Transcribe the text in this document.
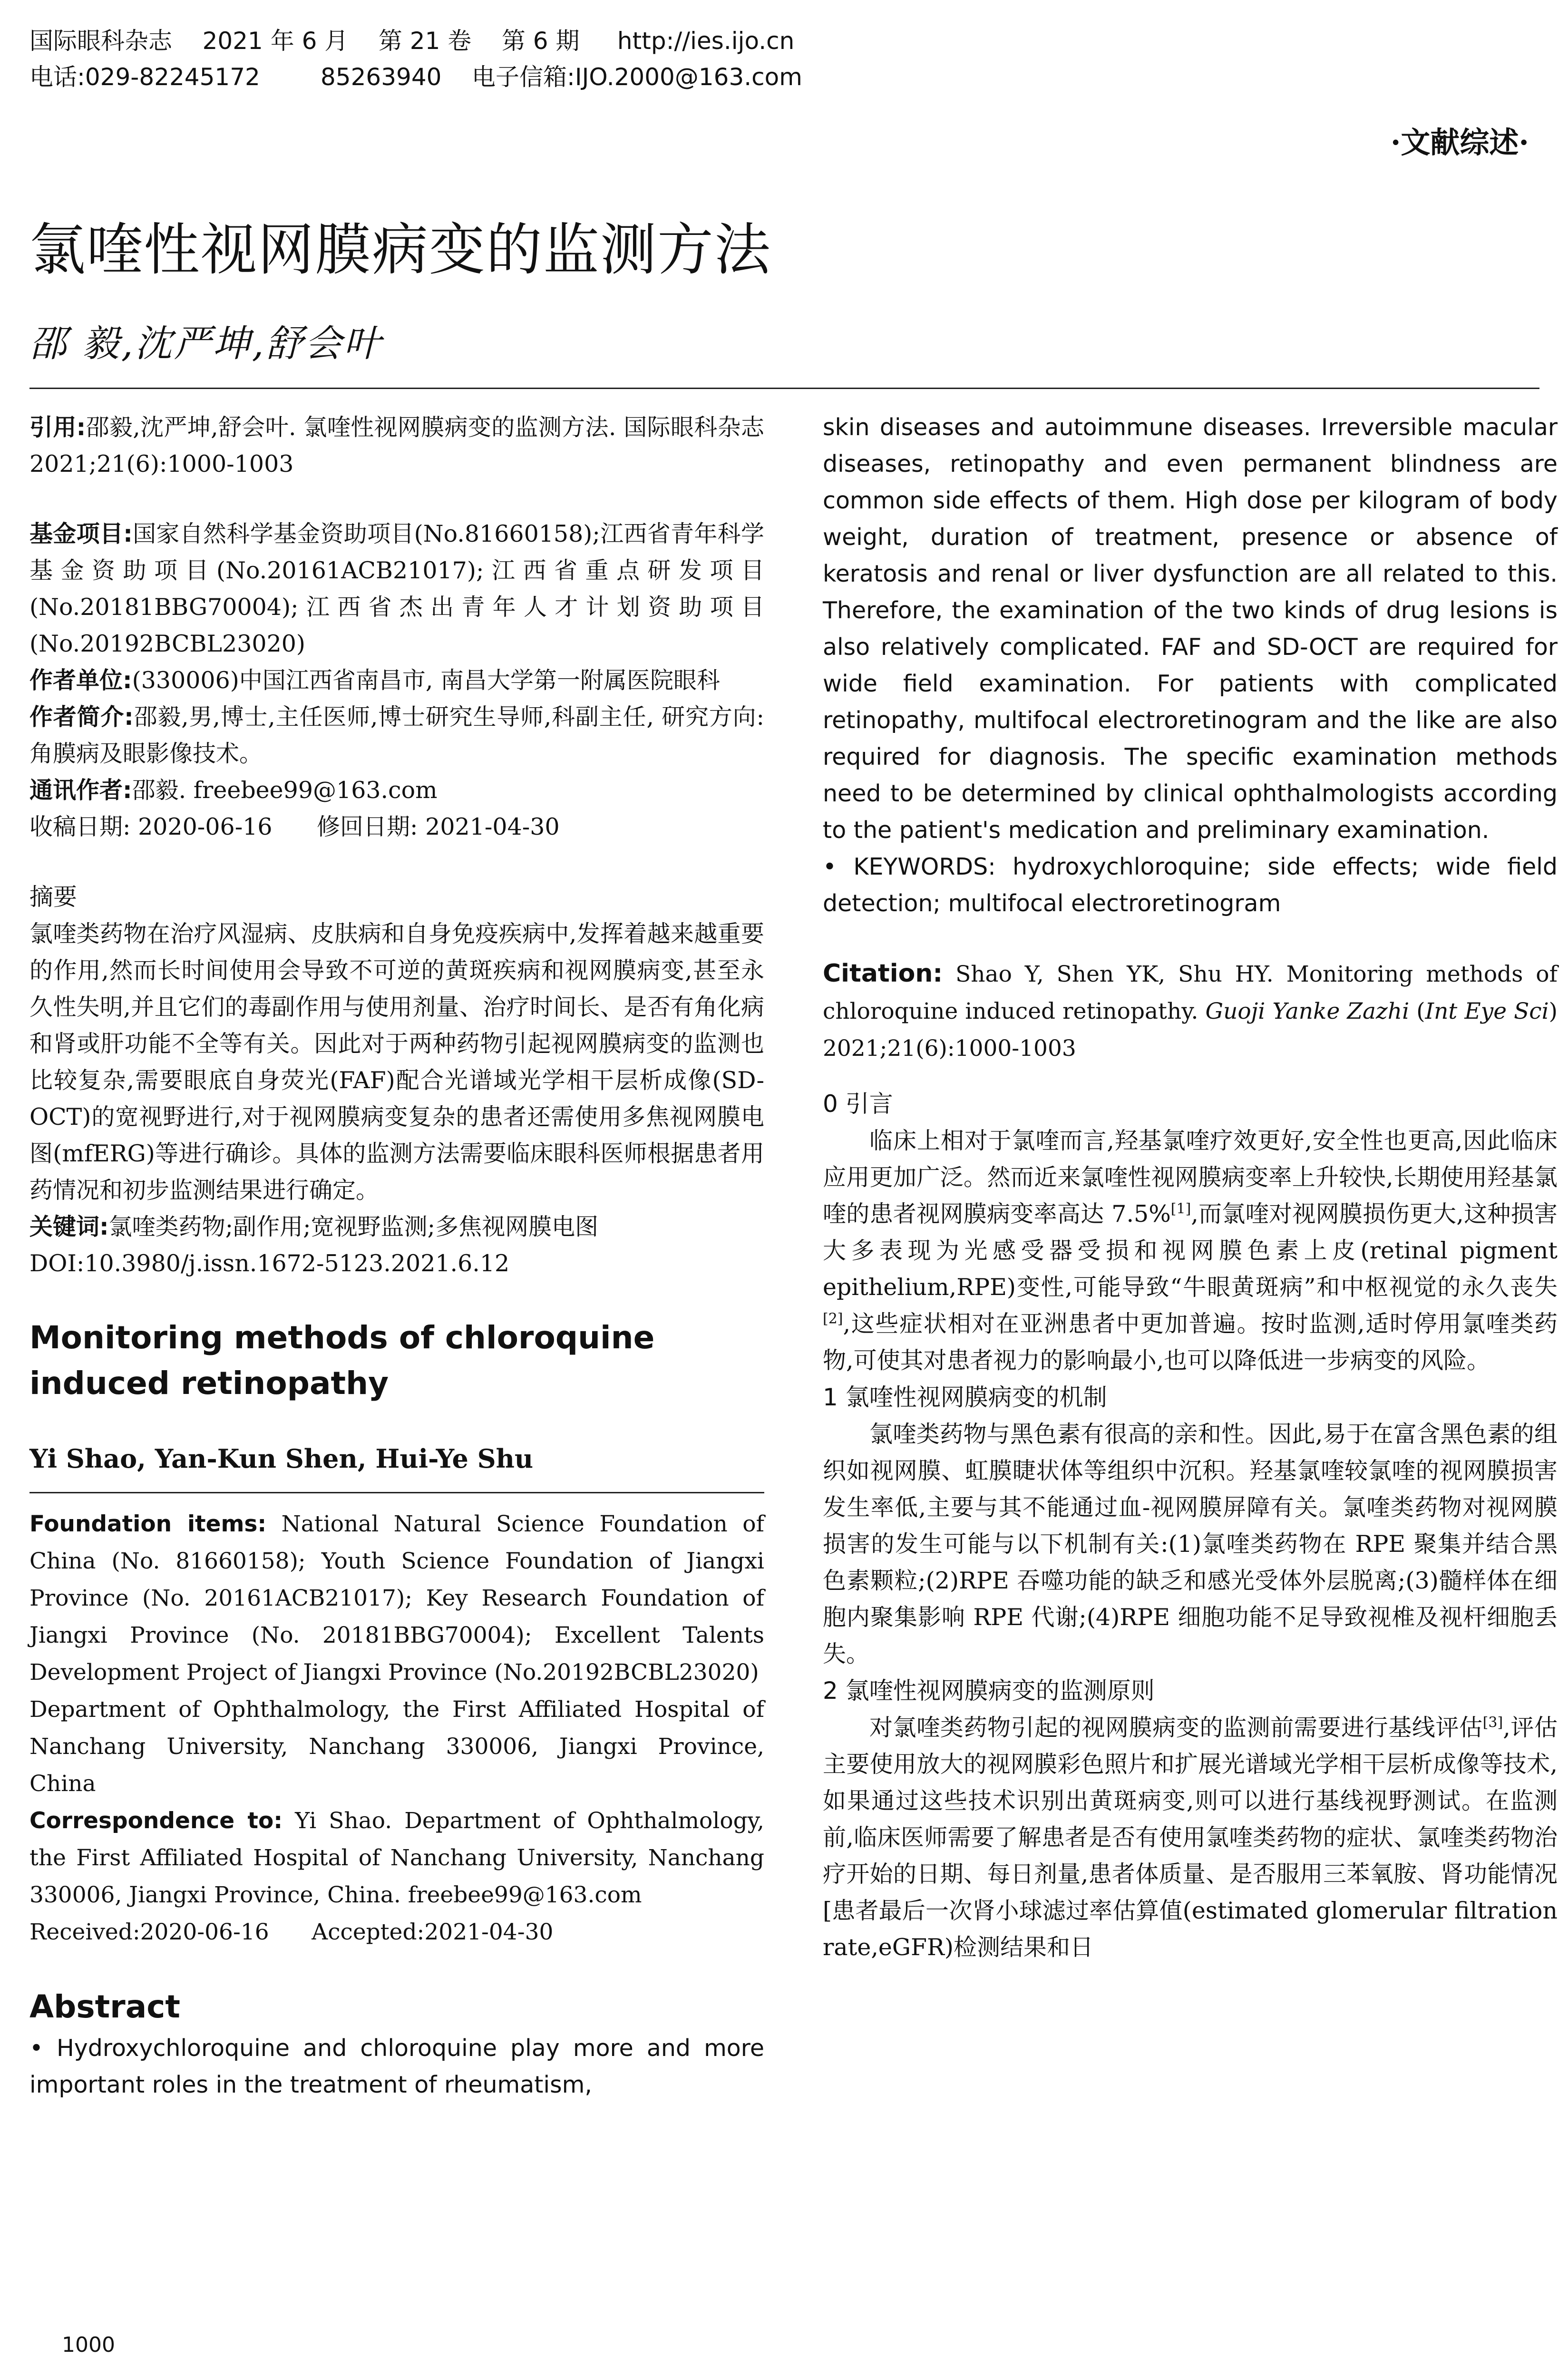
国际眼科杂志    2021 年 6 月    第 21 卷    第 6 期     http://ies.ijo.cn
电话:029-82245172        85263940    电子信箱:IJO.2000@163.com
·文献综述·
氯喹性视网膜病变的监测方法
邵 毅,沈严坤,舒会叶

引用:邵毅,沈严坤,舒会叶. 氯喹性视网膜病变的监测方法. 国际眼科杂志 2021;21(6):1000-1003

基金项目:国家自然科学基金资助项目(No.81660158);江西省青年科学基金资助项目(No.20161ACB21017);江西省重点研发项目(No.20181BBG70004);江西省杰出青年人才计划资助项目(No.20192BCBL23020)

作者单位:(330006)中国江西省南昌市, 南昌大学第一附属医院眼科

作者简介:邵毅,男,博士,主任医师,博士研究生导师,科副主任, 研究方向:角膜病及眼影像技术。

通讯作者:邵毅. freebee99@163.com

收稿日期: 2020-06-16      修回日期: 2021-04-30

摘要

氯喹类药物在治疗风湿病、皮肤病和自身免疫疾病中,发挥着越来越重要的作用,然而长时间使用会导致不可逆的黄斑疾病和视网膜病变,甚至永久性失明,并且它们的毒副作用与使用剂量、治疗时间长、是否有角化病和肾或肝功能不全等有关。因此对于两种药物引起视网膜病变的监测也比较复杂,需要眼底自身荧光(FAF)配合光谱域光学相干层析成像(SD-OCT)的宽视野进行,对于视网膜病变复杂的患者还需使用多焦视网膜电图(mfERG)等进行确诊。具体的监测方法需要临床眼科医师根据患者用药情况和初步监测结果进行确定。

关键词:氯喹类药物;副作用;宽视野监测;多焦视网膜电图

DOI:10.3980/j.issn.1672-5123.2021.6.12

Monitoring methods of chloroquine induced retinopathy

Yi Shao, Yan-Kun Shen, Hui-Ye Shu

Foundation items: National Natural Science Foundation of China (No. 81660158); Youth Science Foundation of Jiangxi Province (No. 20161ACB21017); Key Research Foundation of Jiangxi Province (No. 20181BBG70004); Excellent Talents Development Project of Jiangxi Province (No.20192BCBL23020)

Department of Ophthalmology, the First Affiliated Hospital of Nanchang University, Nanchang 330006, Jiangxi Province, China

Correspondence to: Yi Shao. Department of Ophthalmology, the First Affiliated Hospital of Nanchang University, Nanchang 330006, Jiangxi Province, China. freebee99@163.com

Received:2020-06-16      Accepted:2021-04-30

Abstract

• Hydroxychloroquine and chloroquine play more and more important roles in the treatment of rheumatism,

skin diseases and autoimmune diseases. Irreversible macular diseases, retinopathy and even permanent blindness are common side effects of them. High dose per kilogram of body weight, duration of treatment, presence or absence of keratosis and renal or liver dysfunction are all related to this. Therefore, the examination of the two kinds of drug lesions is also relatively complicated. FAF and SD-OCT are required for wide field examination. For patients with complicated retinopathy, multifocal electroretinogram and the like are also required for diagnosis. The specific examination methods need to be determined by clinical ophthalmologists according to the patient's medication and preliminary examination.

• KEYWORDS: hydroxychloroquine; side effects; wide field detection; multifocal electroretinogram

Citation: Shao Y, Shen YK, Shu HY. Monitoring methods of chloroquine induced retinopathy. Guoji Yanke Zazhi (Int Eye Sci) 2021;21(6):1000-1003

0 引言

临床上相对于氯喹而言,羟基氯喹疗效更好,安全性也更高,因此临床应用更加广泛。然而近来氯喹性视网膜病变率上升较快,长期使用羟基氯喹的患者视网膜病变率高达 7.5%[1],而氯喹对视网膜损伤更大,这种损害大多表现为光感受器受损和视网膜色素上皮(retinal pigment epithelium,RPE)变性,可能导致“牛眼黄斑病”和中枢视觉的永久丧失[2],这些症状相对在亚洲患者中更加普遍。按时监测,适时停用氯喹类药物,可使其对患者视力的影响最小,也可以降低进一步病变的风险。

1 氯喹性视网膜病变的机制

氯喹类药物与黑色素有很高的亲和性。因此,易于在富含黑色素的组织如视网膜、虹膜睫状体等组织中沉积。羟基氯喹较氯喹的视网膜损害发生率低,主要与其不能通过血-视网膜屏障有关。氯喹类药物对视网膜损害的发生可能与以下机制有关:(1)氯喹类药物在 RPE 聚集并结合黑色素颗粒;(2)RPE 吞噬功能的缺乏和感光受体外层脱离;(3)髓样体在细胞内聚集影响 RPE 代谢;(4)RPE 细胞功能不足导致视椎及视杆细胞丢失。

2 氯喹性视网膜病变的监测原则

对氯喹类药物引起的视网膜病变的监测前需要进行基线评估[3],评估主要使用放大的视网膜彩色照片和扩展光谱域光学相干层析成像等技术,如果通过这些技术识别出黄斑病变,则可以进行基线视野测试。在监测前,临床医师需要了解患者是否有使用氯喹类药物的症状、氯喹类药物治疗开始的日期、每日剂量,患者体质量、是否服用三苯氧胺、肾功能情况[患者最后一次肾小球滤过率估算值(estimated glomerular filtration rate,eGFR)检测结果和日

1000
